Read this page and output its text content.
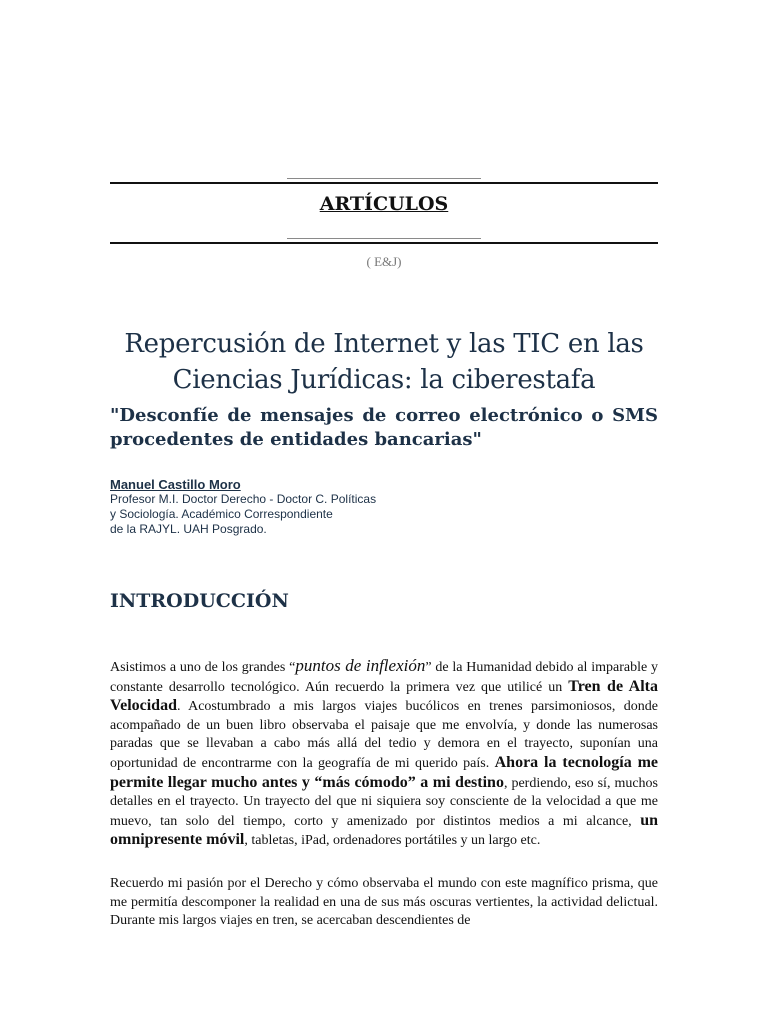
ARTÍCULOS
( E&J)
Repercusión de Internet y las TIC en las Ciencias Jurídicas: la ciberestafa
"Desconfíe de mensajes de correo electrónico o SMS procedentes de entidades bancarias"
Manuel Castillo Moro
Profesor M.I. Doctor Derecho - Doctor C. Políticas
y Sociología. Académico Correspondiente
de la RAJYL. UAH Posgrado.
INTRODUCCIÓN
Asistimos a uno de los grandes “puntos de inflexión” de la Humanidad debido al imparable y constante desarrollo tecnológico. Aún recuerdo la primera vez que utilicé un Tren de Alta Velocidad. Acostumbrado a mis largos viajes bucólicos en trenes parsimoniosos, donde acompañado de un buen libro observaba el paisaje que me envolvía, y donde las numerosas paradas que se llevaban a cabo más allá del tedio y demora en el trayecto, suponían una oportunidad de encontrarme con la geografía de mi querido país. Ahora la tecnología me permite llegar mucho antes y “más cómodo” a mi destino, perdiendo, eso sí, muchos detalles en el trayecto. Un trayecto del que ni siquiera soy consciente de la velocidad a que me muevo, tan solo del tiempo, corto y amenizado por distintos medios a mi alcance, un omnipresente móvil, tabletas, iPad, ordenadores portátiles y un largo etc.
Recuerdo mi pasión por el Derecho y cómo observaba el mundo con este magnífico prisma, que me permitía descomponer la realidad en una de sus más oscuras vertientes, la actividad delictual. Durante mis largos viajes en tren, se acercaban descendientes de
